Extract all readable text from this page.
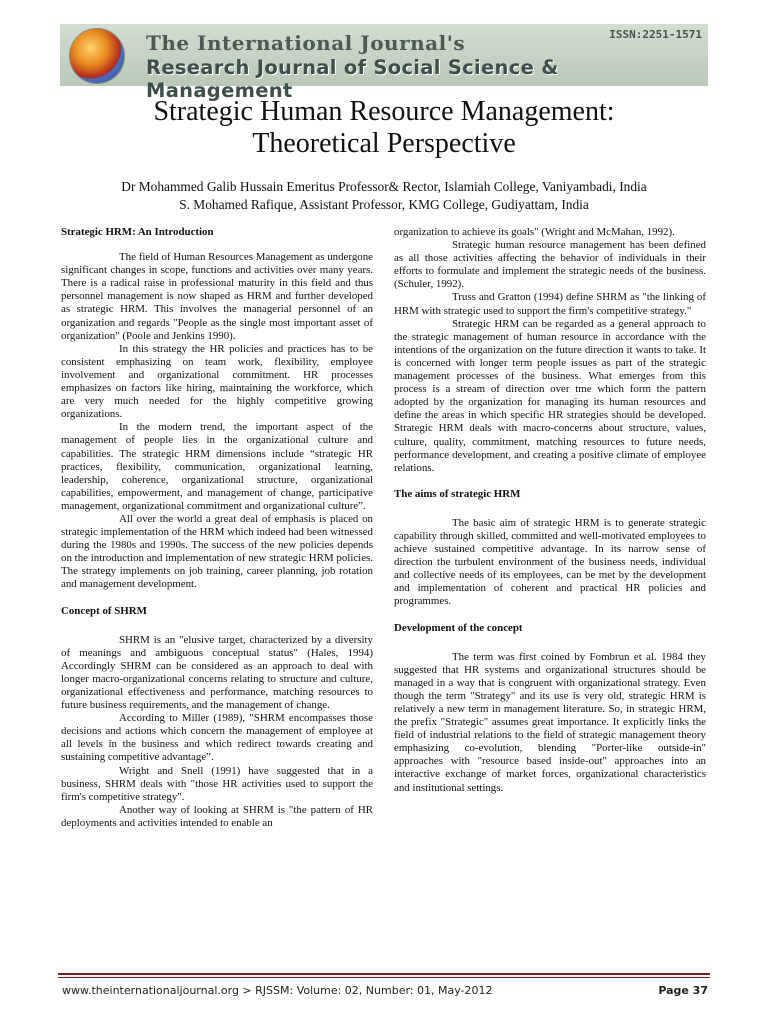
The International Journal's
Research Journal of Social Science & Management
ISSN:2251-1571
Strategic Human Resource Management:
Theoretical Perspective
Dr Mohammed Galib Hussain Emeritus Professor& Rector, Islamiah College, Vaniyambadi, India
S. Mohamed Rafique, Assistant Professor, KMG College, Gudiyattam, India
Strategic HRM: An Introduction

The field of Human Resources Management as undergone significant changes in scope, functions and activities over many years. There is a radical raise in professional maturity in this field and thus personnel management is now shaped as HRM and further developed as strategic HRM. This involves the managerial personnel of an organization and regards "People as the single most important asset of organization" (Poole and Jenkins 1990).

In this strategy the HR policies and practices has to be consistent emphasizing on team work, flexibility, employee involvement and organizational commitment. HR processes emphasizes on factors like hiring, maintaining the workforce, which are very much needed for the highly competitive growing organizations.

In the modern trend, the important aspect of the management of people lies in the organizational culture and capabilities. The strategic HRM dimensions include “strategic HR practices, flexibility, communication, organizational learning, leadership, coherence, organizational structure, organizational capabilities, empowerment, and management of change, participative management, organizational commitment and organizational culture”.

All over the world a great deal of emphasis is placed on strategic implementation of the HRM which indeed had been witnessed during the 1980s and 1990s. The success of the new policies depends on the introduction and implementation of new strategic HRM policies. The strategy implements on job training, career planning, job rotation and management development.

Concept of SHRM

SHRM is an "elusive target, characterized by a diversity of meanings and ambiguous conceptual status" (Hales, 1994) Accordingly SHRM can be considered as an approach to deal with longer macro-organizational concerns relating to structure and culture, organizational effectiveness and performance, matching resources to future business requirements, and the management of change.

According to Miller (1989), "SHRM encompasses those decisions and actions which concern the management of employee at all levels in the business and which redirect towards creating and sustaining competitive advantage”.

Wright and Snell (1991) have suggested that in a business, SHRM deals with "those HR activities used to support the firm's competitive strategy".

Another way of looking at SHRM is "the pattern of HR deployments and activities intended to enable an

organization to achieve its goals" (Wright and McMahan, 1992).

Strategic human resource management has been defined as all those activities affecting the behavior of individuals in their efforts to formulate and implement the strategic needs of the business. (Schuler, 1992).

Truss and Gratton (1994) define SHRM as "the linking of HRM with strategic used to support the firm's competitive strategy."

Strategic HRM can be regarded as a general approach to the strategic management of human resource in accordance with the intentions of the organization on the future direction it wants to take. It is concerned with longer term people issues as part of the strategic management processes of the business. What emerges from this process is a stream of direction over tme which form the pattern adopted by the organization for managing its human resources and define the areas in which specific HR strategies should be developed. Strategic HRM deals with macro-concerns about structure, values, culture, quality, commitment, matching resources to future needs, performance development, and creating a positive climate of employee relations.

The aims of strategic HRM

The basic aim of strategic HRM is to generate strategic capability through skilled, committed and well-motivated employees to achieve sustained competitive advantage. In its narrow sense of direction the turbulent environment of the business needs, individual and collective needs of its employees, can be met by the development and implementation of coherent and practical HR policies and programmes.

Development of the concept

The term was first coined by Fombrun et al. 1984 they suggested that HR systems and organizational structures should be managed in a way that is congruent with organizational strategy. Even though the term "Strategy" and its use is very old, strategic HRM is relatively a new term in management literature. So, in strategic HRM, the prefix "Strategic" assumes great importance. It explicitly links the field of industrial relations to the field of strategic management theory emphasizing co-evolution, blending "Porter-like outside-in" approaches with "resource based inside-out" approaches into an interactive exchange of market forces, organizational characteristics and institutional settings.

www.theinternationaljournal.org > RJSSM: Volume: 02, Number: 01, May-2012	Page 37
